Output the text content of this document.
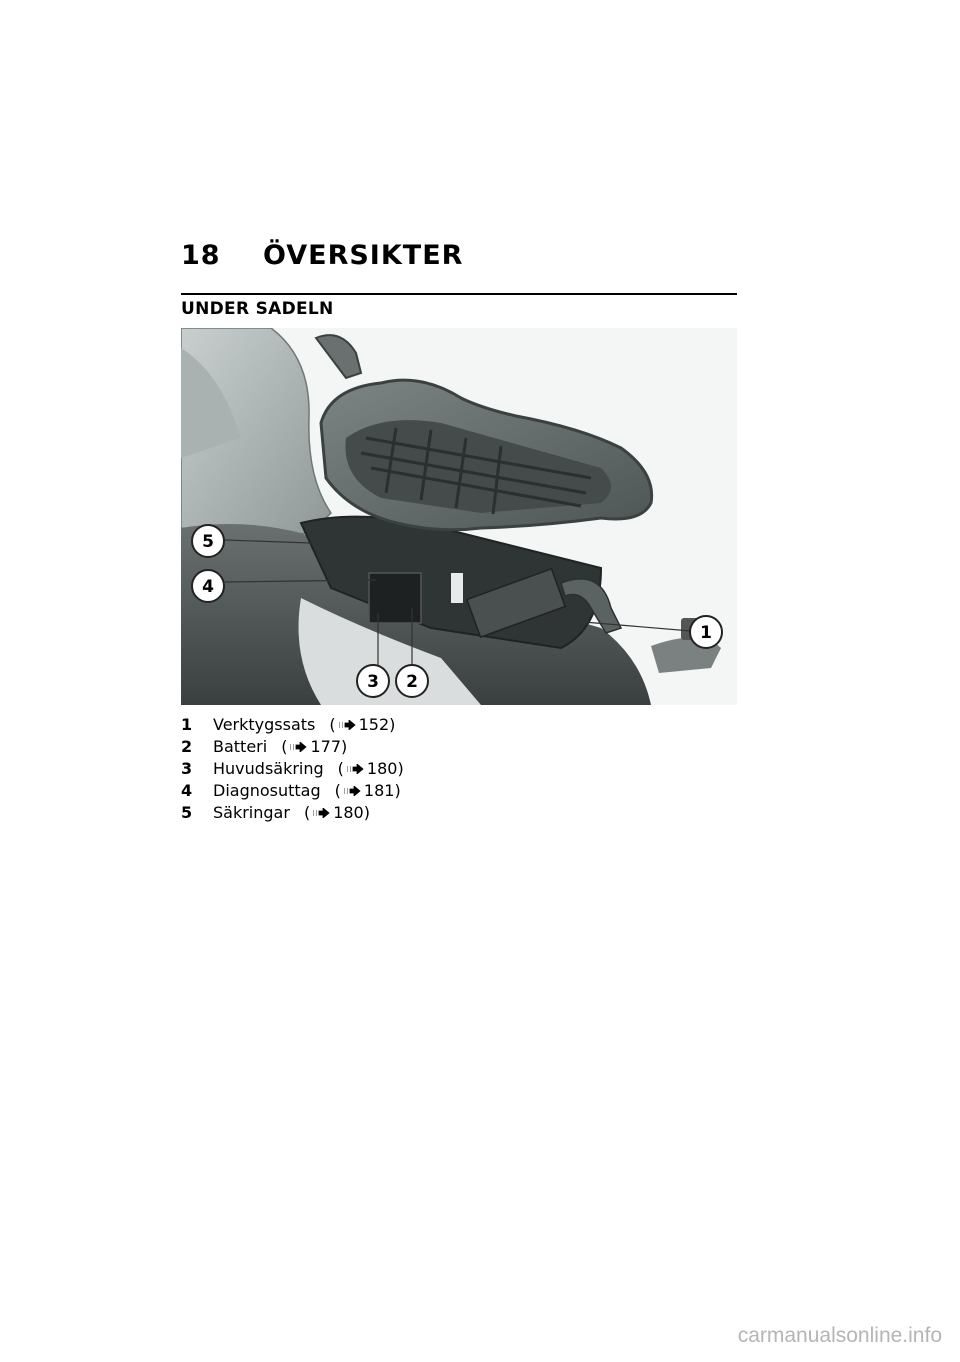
18 ÖVERSIKTER
UNDER SADELN
5
4
3 2
1
1	Verktygssats ( 152 )
2	Batteri ( 177 )
3	Huvudsäkring ( 180 )
4	Diagnosuttag ( 181 )
5	Säkringar ( 180 )
carmanualsonline.info
